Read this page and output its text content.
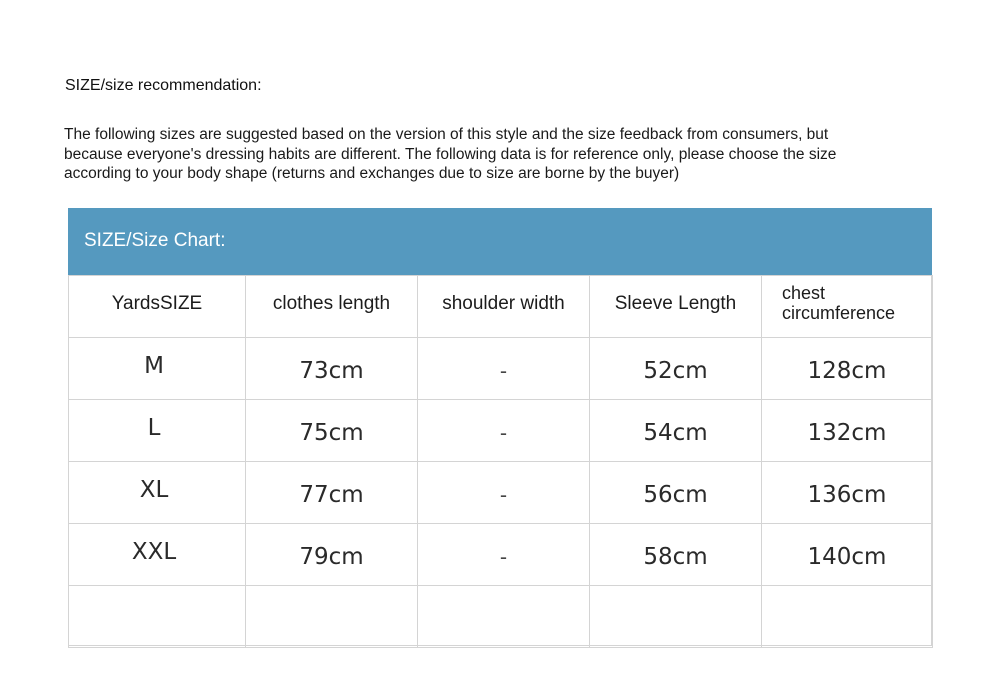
SIZE/size recommendation:
The following sizes are suggested based on the version of this style and the size feedback from consumers, but
because everyone's dressing habits are different. The following data is for reference only, please choose the size
according to your body shape (returns and exchanges due to size are borne by the buyer)
SIZE/Size Chart:
YardsSIZE	clothes length	shoulder width	Sleeve Length	chest
circumference

M	73cm	-	52cm	128cm

L	75cm	-	54cm	132cm

XL	77cm	-	56cm	136cm

XXL	79cm	-	58cm	140cm
